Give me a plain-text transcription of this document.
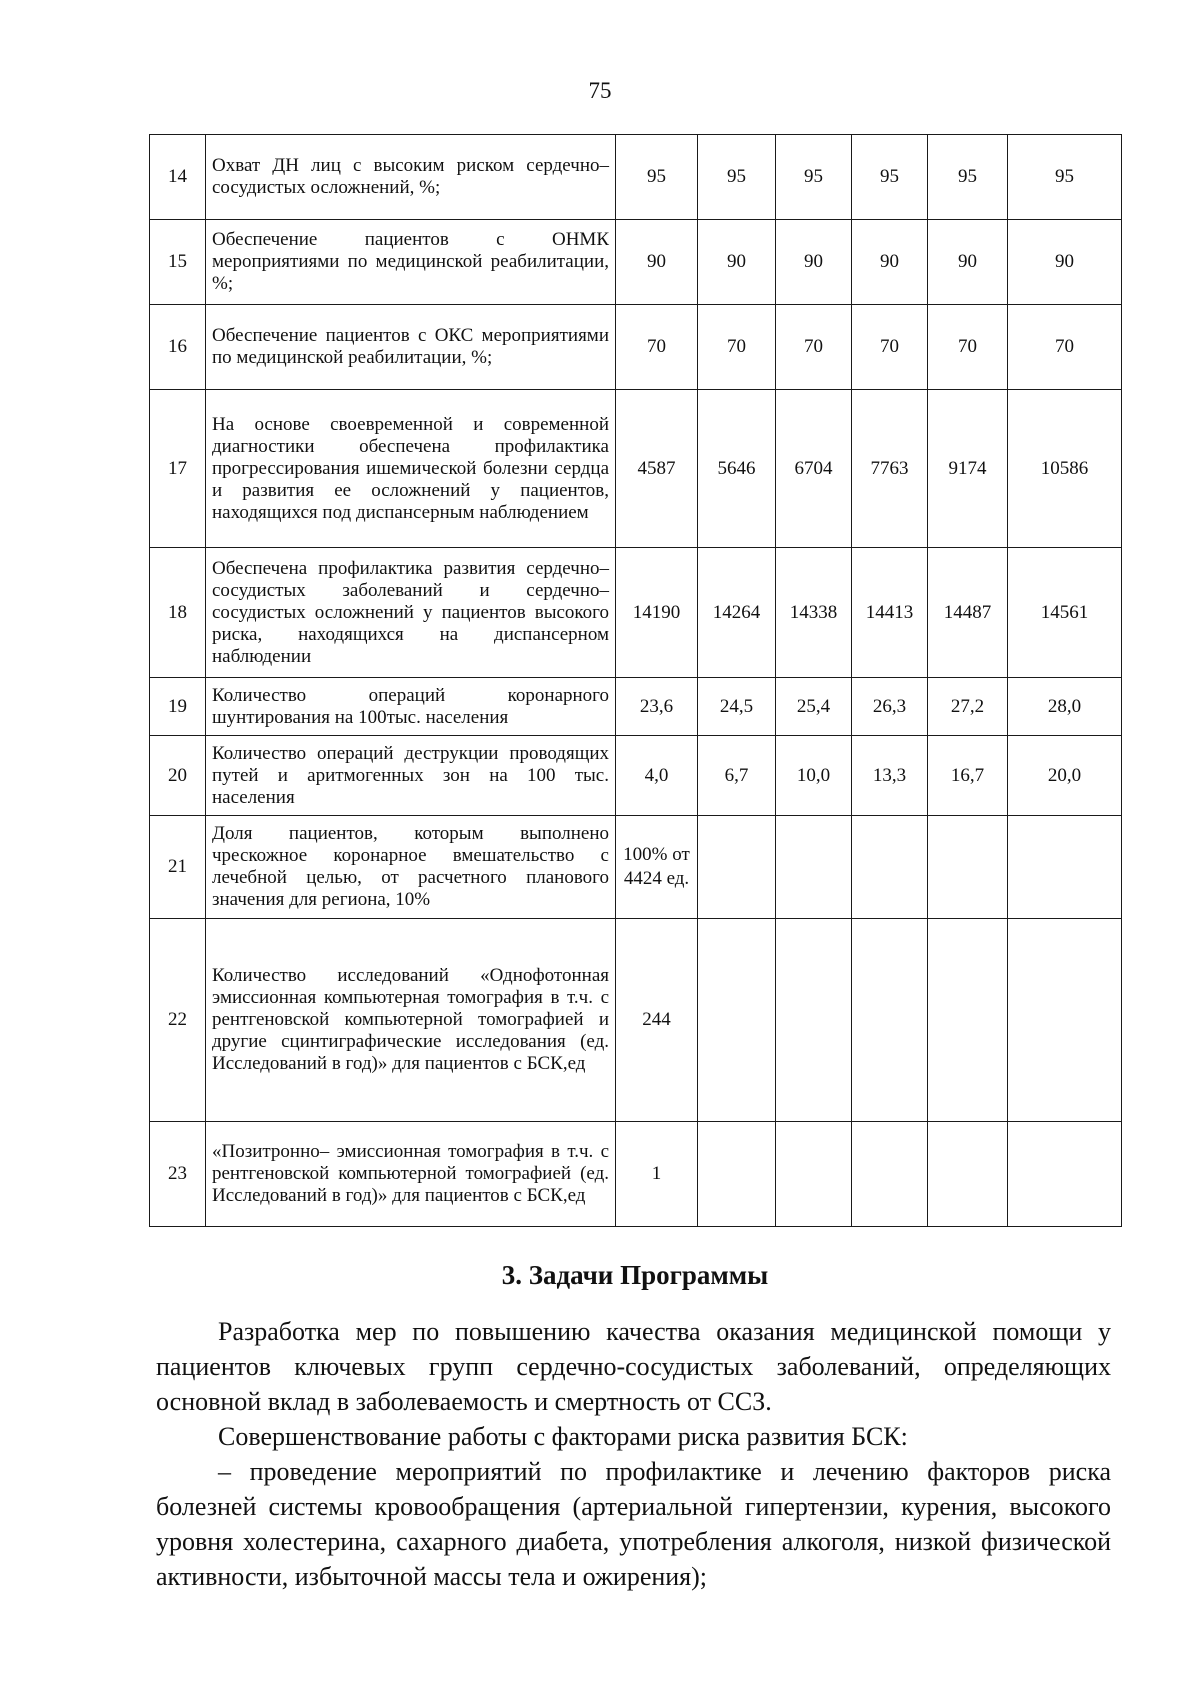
75
14	Охват ДН лиц с высоким риском сердечно– сосудистых осложнений, %;	95	95	95	95	95	95
15	Обеспечение пациентов с ОНМК мероприятиями по медицинской реабилитации, %;	90	90	90	90	90	90
16	Обеспечение пациентов с ОКС мероприятиями по медицинской реабилитации, %;	70	70	70	70	70	70
17	На основе своевременной и современной диагностики обеспечена профилактика прогрессирования ишемической болезни сердца и развития ее осложнений у пациентов, находящихся под диспансерным наблюдением	4587	5646	6704	7763	9174	10586
18	Обеспечена профилактика развития сердечно– сосудистых заболеваний и сердечно– сосудистых осложнений у пациентов высокого риска, находящихся на диспансерном наблюдении	14190	14264	14338	14413	14487	14561
19	Количество операций коронарного шунтирования на 100тыс. населения	23,6	24,5	25,4	26,3	27,2	28,0
20	Количество операций деструкции проводящих путей и аритмогенных зон на 100 тыс. населения	4,0	6,7	10,0	13,3	16,7	20,0
21	Доля пациентов, которым выполнено чрескожное коронарное вмешательство с лечебной целью, от расчетного планового значения для региона, 10%	100% от 4424 ед.					
22	Количество исследований «Однофотонная эмиссионная компьютерная томография в т.ч. с рентгеновской компьютерной томографией и другие сцинтиграфические исследования (ед. Исследований в год)» для пациентов с БСК,ед	244					
23	«Позитронно– эмиссионная томография в т.ч. с рентгеновской компьютерной томографией (ед. Исследований в год)» для пациентов с БСК,ед	1					
3. Задачи Программы

Разработка мер по повышению качества оказания медицинской помощи у пациентов ключевых групп сердечно-сосудистых заболеваний, определяющих основной вклад в заболеваемость и смертность от ССЗ.

Совершенствование работы с факторами риска развития БСК:

– проведение мероприятий по профилактике и лечению факторов риска болезней системы кровообращения (артериальной гипертензии, курения, высокого уровня холестерина, сахарного диабета, употребления алкоголя, низкой физической активности, избыточной массы тела и ожирения);
